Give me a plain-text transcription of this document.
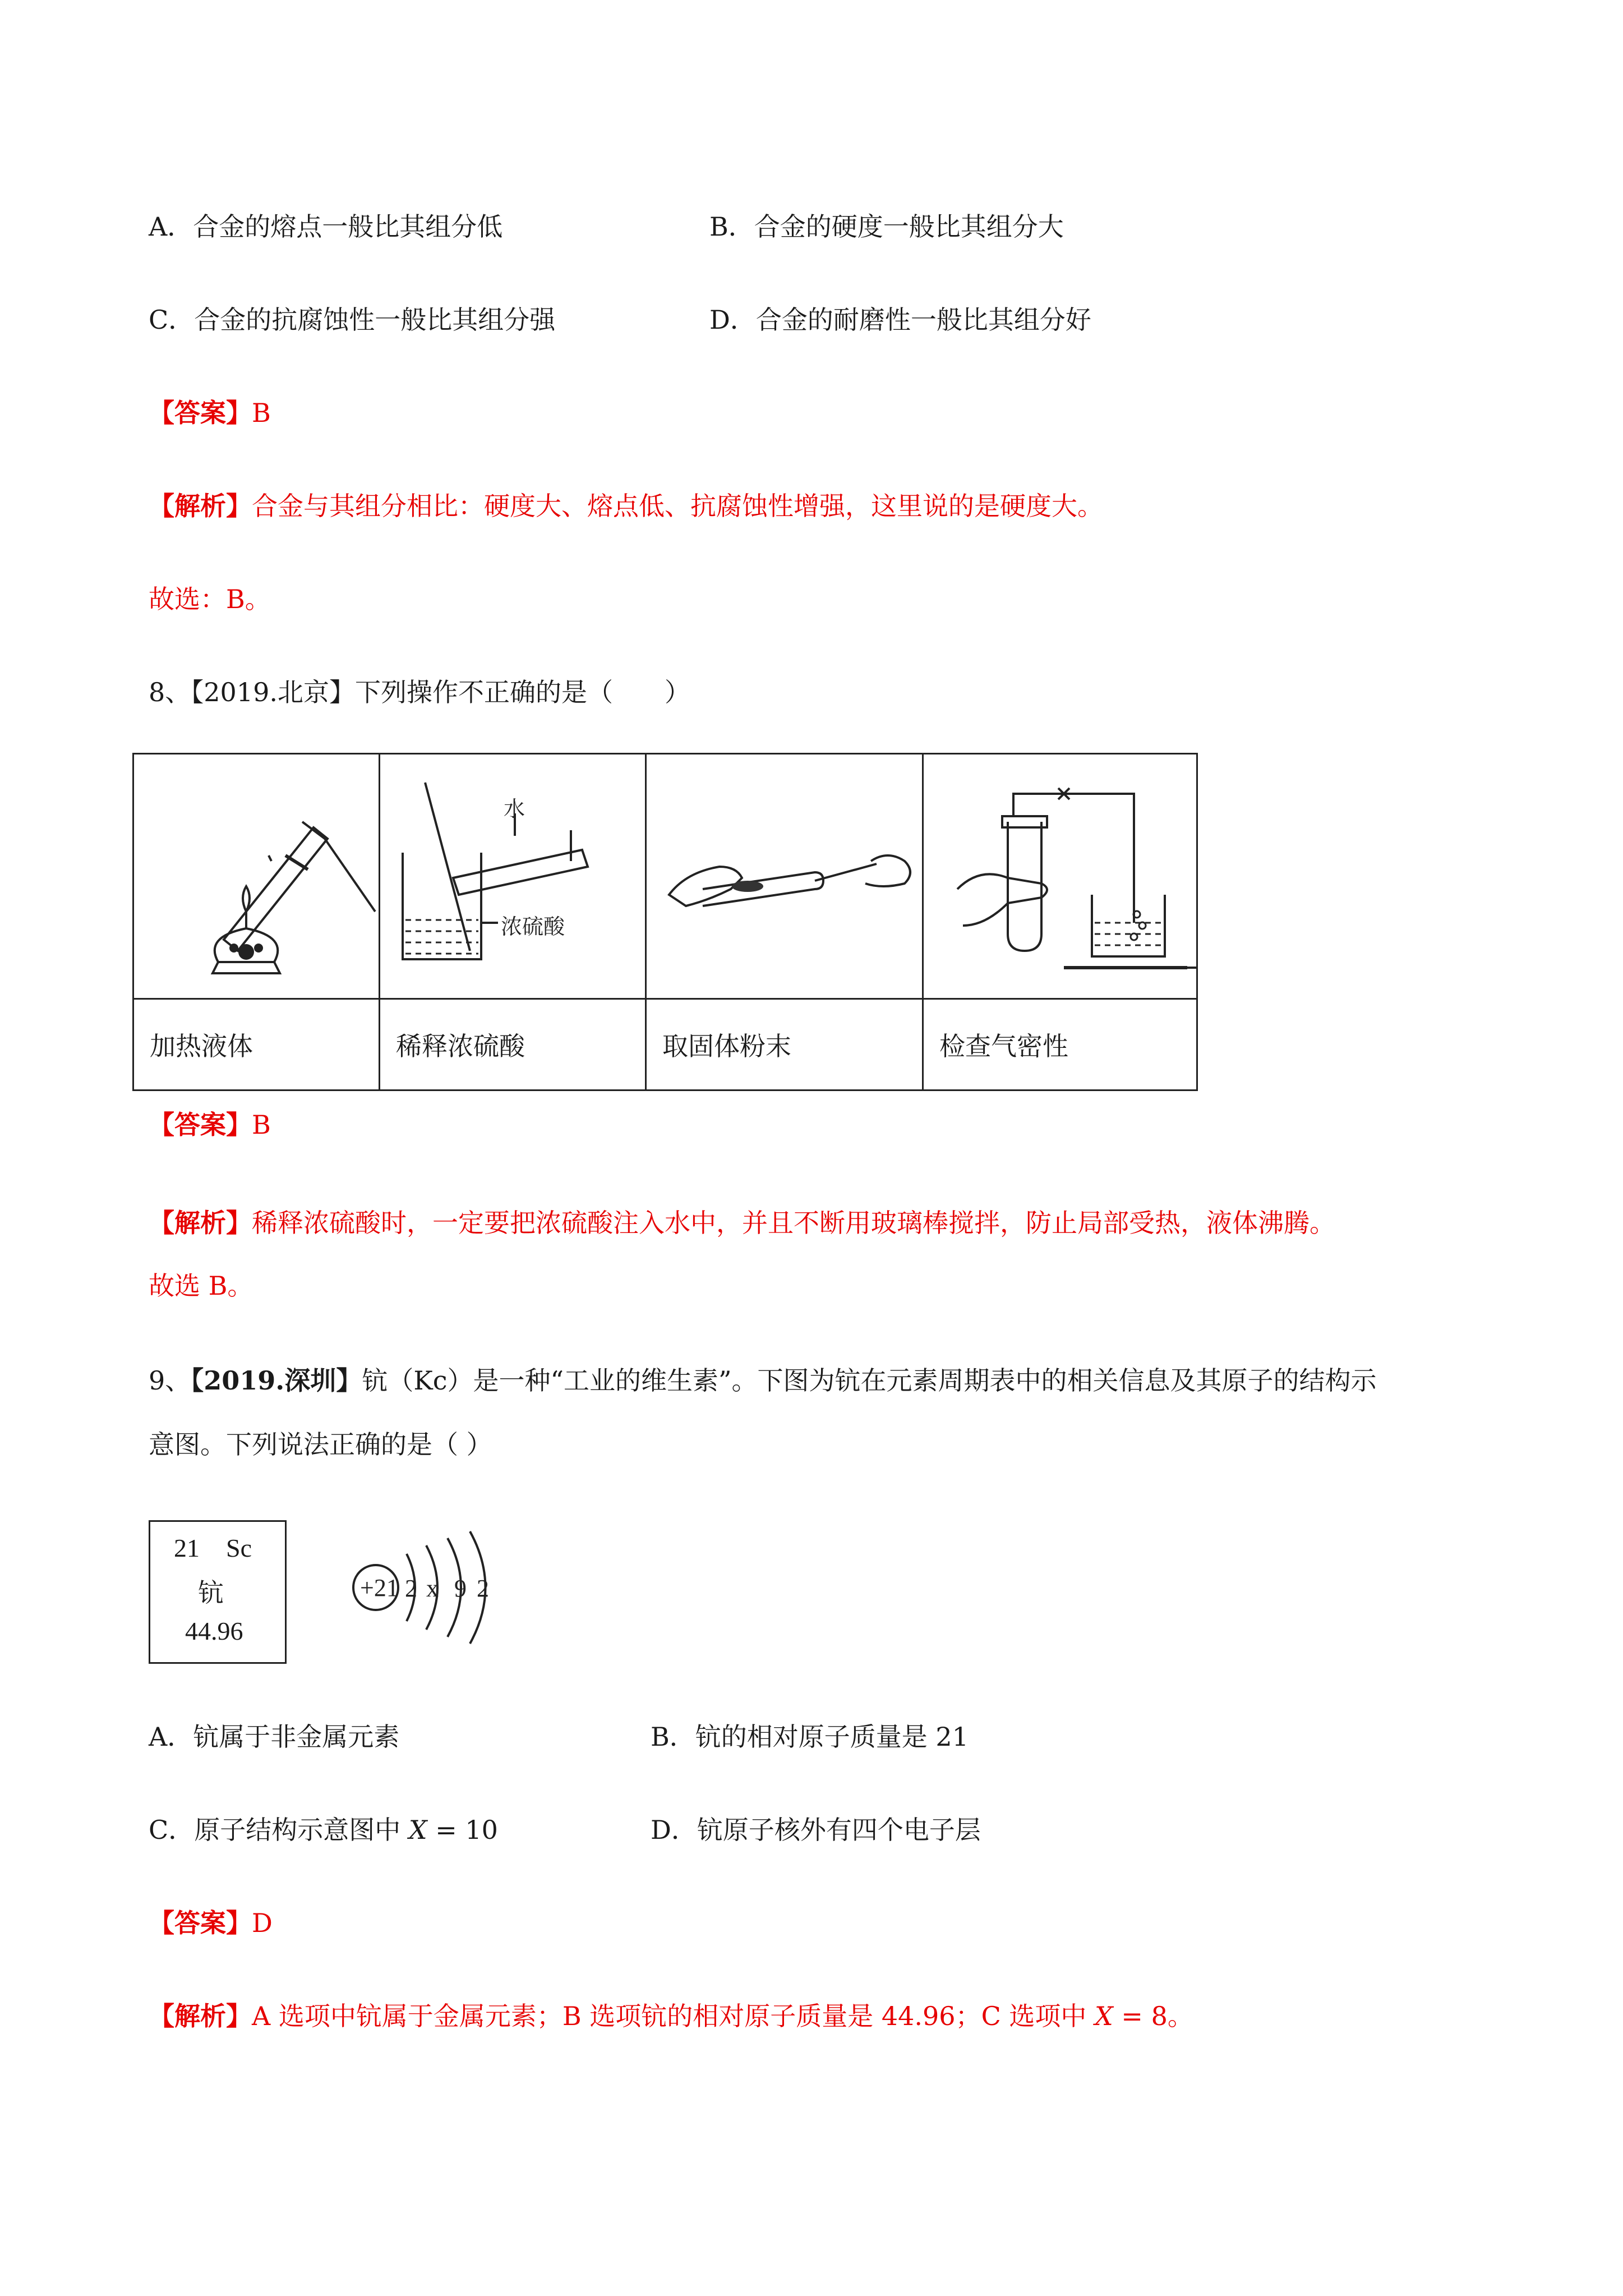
A．合金的熔点一般比其组分低	B．合金的硬度一般比其组分大
C．合金的抗腐蚀性一般比其组分强	D．合金的耐磨性一般比其组分好
【答案】B
【解析】合金与其组分相比：硬度大、熔点低、抗腐蚀性增强，这里说的是硬度大。
故选：B。
8、【2019.北京】下列操作不正确的是（　　）

水
浓硫酸

加热液体	稀释浓硫酸	取固体粉末	检查气密性
【答案】B
【解析】稀释浓硫酸时，一定要把浓硫酸注入水中，并且不断用玻璃棒搅拌，防止局部受热，液体沸腾。
故选 B。
9、【2019.深圳】钪（Kc）是一种“工业的维生素”。下图为钪在元素周期表中的相关信息及其原子的结构示
意图。下列说法正确的是（ ）
21 Sc
钪
44.96
+21 2 x 9 2
A．钪属于非金属元素	B．钪的相对原子质量是 21
C．原子结构示意图中 X = 10	D．钪原子核外有四个电子层
【答案】D
【解析】A 选项中钪属于金属元素；B 选项钪的相对原子质量是 44.96；C 选项中 X = 8。
